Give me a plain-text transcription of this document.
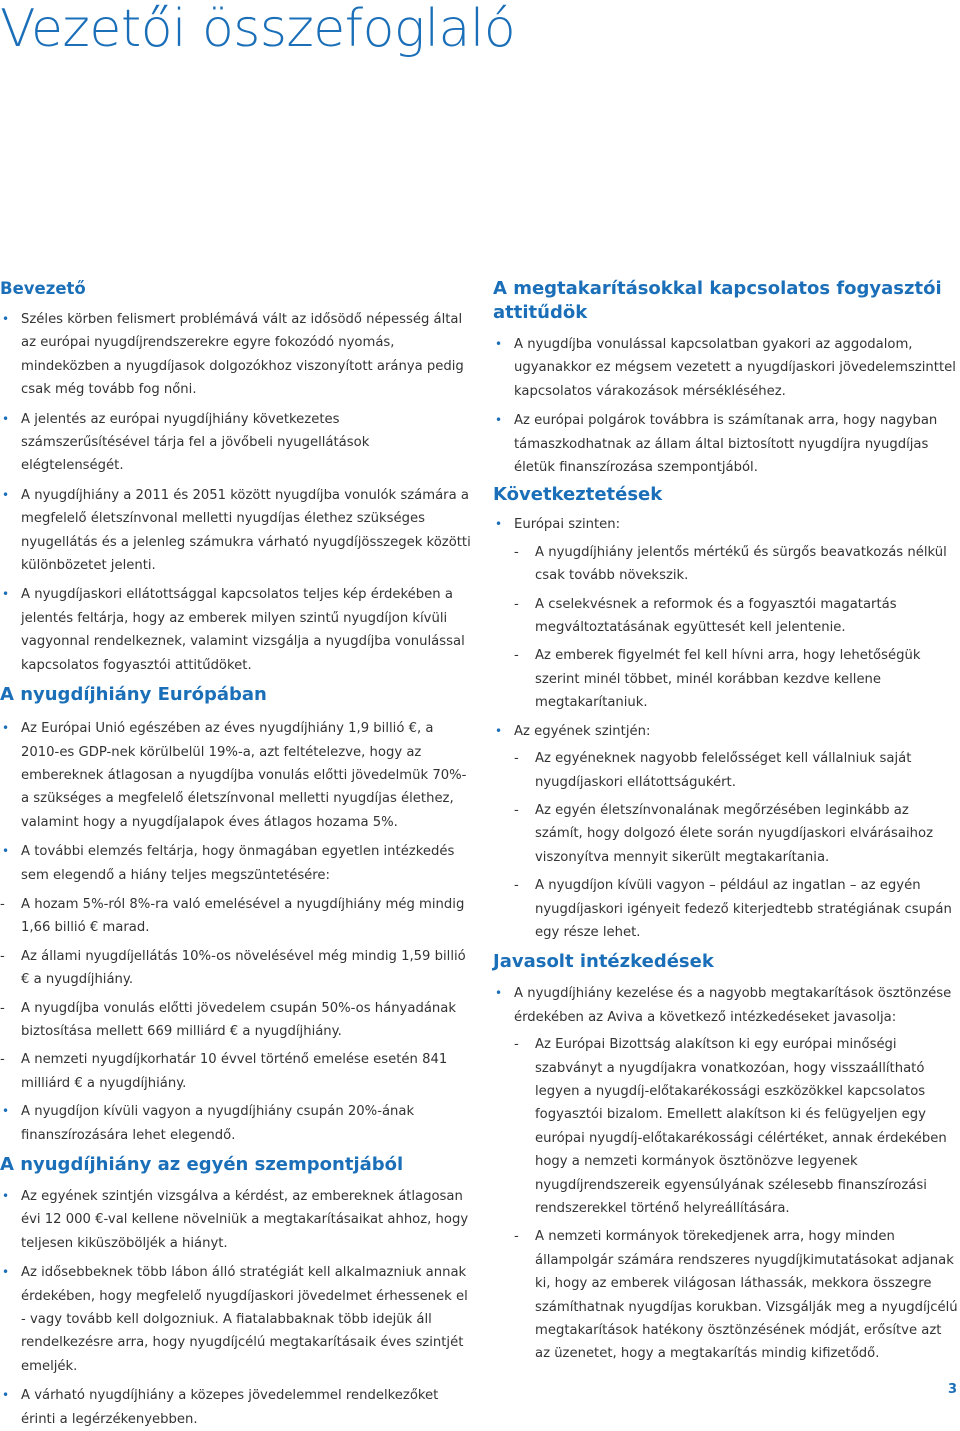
Vezetői összefoglaló
Bevezető
• Széles körben felismert problémává vált az idősödő népesség által az európai nyugdíjrendszerekre egyre fokozódó nyomás, mindeközben a nyugdíjasok dolgozókhoz viszonyított aránya pedig csak még tovább fog nőni.
• A jelentés az európai nyugdíjhiány következetes számszerűsítésével tárja fel a jövőbeli nyugellátások elégtelenségét.
• A nyugdíjhiány a 2011 és 2051 között nyugdíjba vonulók számára a megfelelő életszínvonal melletti nyugdíjas élethez szükséges nyugellátás és a jelenleg számukra várható nyugdíjösszegek közötti különbözetet jelenti.
• A nyugdíjaskori ellátottsággal kapcsolatos teljes kép érdekében a jelentés feltárja, hogy az emberek milyen szintű nyugdíjon kívüli vagyonnal rendelkeznek, valamint vizsgálja a nyugdíjba vonulással kapcsolatos fogyasztói attitűdöket.
A nyugdíjhiány Európában
• Az Európai Unió egészében az éves nyugdíjhiány 1,9 billió €, a 2010-es GDP-nek körülbelül 19%-a, azt feltételezve, hogy az embereknek átlagosan a nyugdíjba vonulás előtti jövedelmük 70%-a szükséges a megfelelő életszínvonal melletti nyugdíjas élethez, valamint hogy a nyugdíjalapok éves átlagos hozama 5%.
• A további elemzés feltárja, hogy önmagában egyetlen intézkedés sem elegendő a hiány teljes megszüntetésére:
- A hozam 5%-ról 8%-ra való emelésével a nyugdíjhiány még mindig 1,66 billió € marad.
- Az állami nyugdíjellátás 10%-os növelésével még mindig 1,59 billió € a nyugdíjhiány.
- A nyugdíjba vonulás előtti jövedelem csupán 50%-os hányadának biztosítása mellett 669 milliárd € a nyugdíjhiány.
- A nemzeti nyugdíjkorhatár 10 évvel történő emelése esetén 841 milliárd € a nyugdíjhiány.
• A nyugdíjon kívüli vagyon a nyugdíjhiány csupán 20%-ának finanszírozására lehet elegendő.
A nyugdíjhiány az egyén szempontjából
• Az egyének szintjén vizsgálva a kérdést, az embereknek átlagosan évi 12 000 €-val kellene növelniük a megtakarításaikat ahhoz, hogy teljesen kiküszöböljék a hiányt.
• Az idősebbeknek több lábon álló stratégiát kell alkalmazniuk annak érdekében, hogy megfelelő nyugdíjaskori jövedelmet érhessenek el - vagy tovább kell dolgozniuk. A fiatalabbaknak több idejük áll rendelkezésre arra, hogy nyugdíjcélú megtakarításaik éves szintjét emeljék.
• A várható nyugdíjhiány a közepes jövedelemmel rendelkezőket érinti a legérzékenyebben.
A megtakarításokkal kapcsolatos fogyasztói attitűdök
• A nyugdíjba vonulással kapcsolatban gyakori az aggodalom, ugyanakkor ez mégsem vezetett a nyugdíjaskori jövedelemszinttel kapcsolatos várakozások mérsékléséhez.
• Az európai polgárok továbbra is számítanak arra, hogy nagyban támaszkodhatnak az állam által biztosított nyugdíjra nyugdíjas életük finanszírozása szempontjából.
Következtetések
• Európai szinten:
- A nyugdíjhiány jelentős mértékű és sürgős beavatkozás nélkül csak tovább növekszik.
- A cselekvésnek a reformok és a fogyasztói magatartás megváltoztatásának együttesét kell jelentenie.
- Az emberek figyelmét fel kell hívni arra, hogy lehetőségük szerint minél többet, minél korábban kezdve kellene megtakarítaniuk.
• Az egyének szintjén:
- Az egyéneknek nagyobb felelősséget kell vállalniuk saját nyugdíjaskori ellátottságukért.
- Az egyén életszínvonalának megőrzésében leginkább az számít, hogy dolgozó élete során nyugdíjaskori elvárásaihoz viszonyítva mennyit sikerült megtakarítania.
- A nyugdíjon kívüli vagyon – például az ingatlan – az egyén nyugdíjaskori igényeit fedező kiterjedtebb stratégiának csupán egy része lehet.
Javasolt intézkedések
• A nyugdíjhiány kezelése és a nagyobb megtakarítások ösztönzése érdekében az Aviva a következő intézkedéseket javasolja:
- Az Európai Bizottság alakítson ki egy európai minőségi szabványt a nyugdíjakra vonatkozóan, hogy visszaállítható legyen a nyugdíj-előtakarékossági eszközökkel kapcsolatos fogyasztói bizalom. Emellett alakítson ki és felügyeljen egy európai nyugdíj-előtakarékossági célértéket, annak érdekében hogy a nemzeti kormányok ösztönözve legyenek nyugdíjrendszereik egyensúlyának szélesebb finanszírozási rendszerekkel történő helyreállítására.
- A nemzeti kormányok törekedjenek arra, hogy minden állampolgár számára rendszeres nyugdíjkimutatásokat adjanak ki, hogy az emberek világosan láthassák, mekkora összegre számíthatnak nyugdíjas korukban. Vizsgálják meg a nyugdíjcélú megtakarítások hatékony ösztönzésének módját, erősítve azt az üzenetet, hogy a megtakarítás mindig kifizetődő.
3
